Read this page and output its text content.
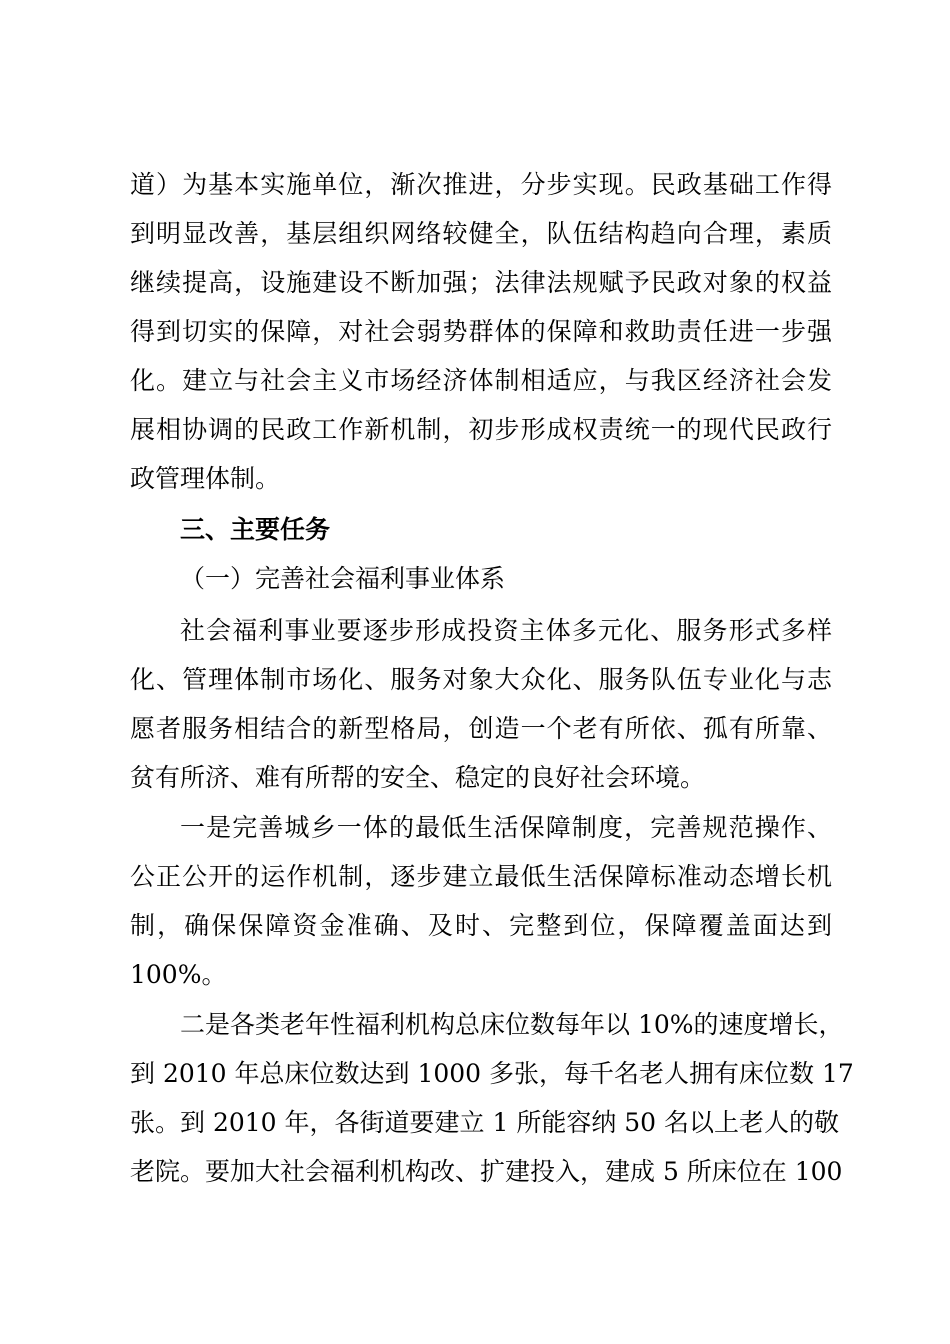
道）为基本实施单位，渐次推进，分步实现。民政基础工作得
到明显改善，基层组织网络较健全，队伍结构趋向合理，素质
继续提高，设施建设不断加强；法律法规赋予民政对象的权益
得到切实的保障，对社会弱势群体的保障和救助责任进一步强
化。建立与社会主义市场经济体制相适应，与我区经济社会发
展相协调的民政工作新机制，初步形成权责统一的现代民政行
政管理体制。
三、主要任务
（一）完善社会福利事业体系
社会福利事业要逐步形成投资主体多元化、服务形式多样
化、管理体制市场化、服务对象大众化、服务队伍专业化与志
愿者服务相结合的新型格局，创造一个老有所依、孤有所靠、
贫有所济、难有所帮的安全、稳定的良好社会环境。
一是完善城乡一体的最低生活保障制度，完善规范操作、
公正公开的运作机制，逐步建立最低生活保障标准动态增长机
制，确保保障资金准确、及时、完整到位，保障覆盖面达到
100%。
二是各类老年性福利机构总床位数每年以 10%的速度增长，
到 2010 年总床位数达到 1000 多张，每千名老人拥有床位数 17
张。到 2010 年，各街道要建立 1 所能容纳 50 名以上老人的敬
老院。要加大社会福利机构改、扩建投入，建成 5 所床位在 100
